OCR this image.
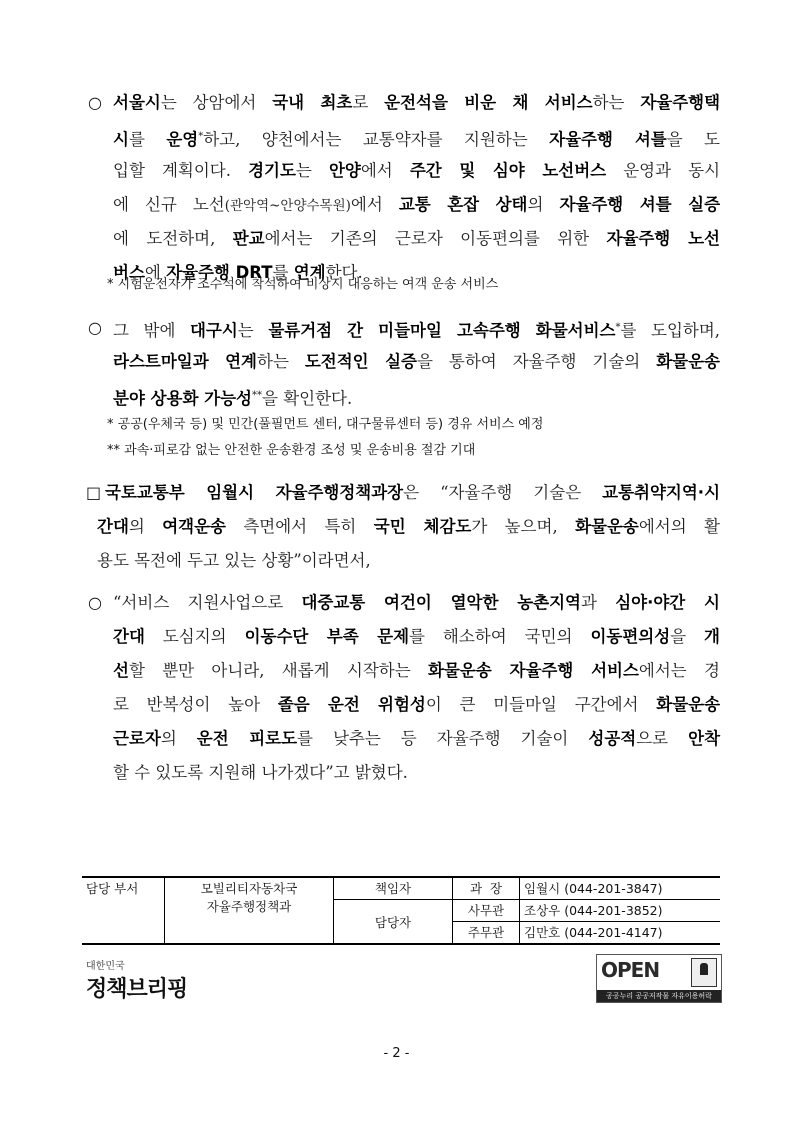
○ 서울시는 상암에서 국내 최초로 운전석을 비운 채 서비스하는 자율주행택
시를 운영*하고, 양천에서는 교통약자를 지원하는 자율주행 셔틀을 도
입할 계획이다. 경기도는 안양에서 주간 및 심야 노선버스 운영과 동시
에 신규 노선(관악역~안양수목원)에서 교통 혼잡 상태의 자율주행 셔틀 실증
에 도전하며, 판교에서는 기존의 근로자 이동편의를 위한 자율주행 노선
버스에 자율주행 DRT를 연계한다.
* 시험운전자가 조수석에 착석하여 비상시 대응하는 여객 운송 서비스
○ 그 밖에 대구시는 물류거점 간 미들마일 고속주행 화물서비스*를 도입하며,
라스트마일과 연계하는 도전적인 실증을 통하여 자율주행 기술의 화물운송
분야 상용화 가능성**을 확인한다.
* 공공(우체국 등) 및 민간(풀필먼트 센터, 대구물류센터 등) 경유 서비스 예정
** 과속·피로감 없는 안전한 운송환경 조성 및 운송비용 절감 기대
□ 국토교통부 임월시 자율주행정책과장은 “자율주행 기술은 교통취약지역·시
간대의 여객운송 측면에서 특히 국민 체감도가 높으며, 화물운송에서의 활
용도 목전에 두고 있는 상황”이라면서,
○ “서비스 지원사업으로 대중교통 여건이 열악한 농촌지역과 심야·야간 시
간대 도심지의 이동수단 부족 문제를 해소하여 국민의 이동편의성을 개
선할 뿐만 아니라, 새롭게 시작하는 화물운송 자율주행 서비스에서는 경
로 반복성이 높아 졸음 운전 위험성이 큰 미들마일 구간에서 화물운송
근로자의 운전 피로도를 낮추는 등 자율주행 기술이 성공적으로 안착
할 수 있도록 지원해 나가겠다”고 밝혔다.
담당 부서	모빌리티자동차국
자율주행정책과	책임자	과  장	임월시 (044-201-3847)
		담당자	사무관	조상우 (044-201-3852)
			주무관	김만호 (044-201-4147)
대한민국
정책브리핑
OPEN
공공누리 공공저작물 자유이용허락
- 2 -
